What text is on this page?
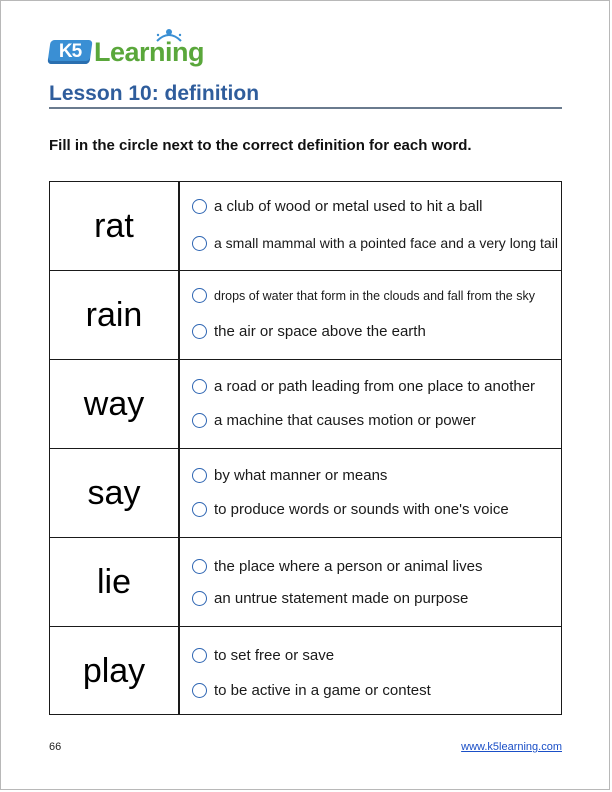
K5 Learning
Lesson 10: definition
Fill in the circle next to the correct definition for each word.
rat	a club of wood or metal used to hit a ball
a small mammal with a pointed face and a very long tail
rain	drops of water that form in the clouds and fall from the sky
the air or space above the earth
way	a road or path leading from one place to another
a machine that causes motion or power
say	by what manner or means
to produce words or sounds with one's voice
lie	the place where a person or animal lives
an untrue statement made on purpose
play	to set free or save
to be active in a game or contest
66	www.k5learning.com
